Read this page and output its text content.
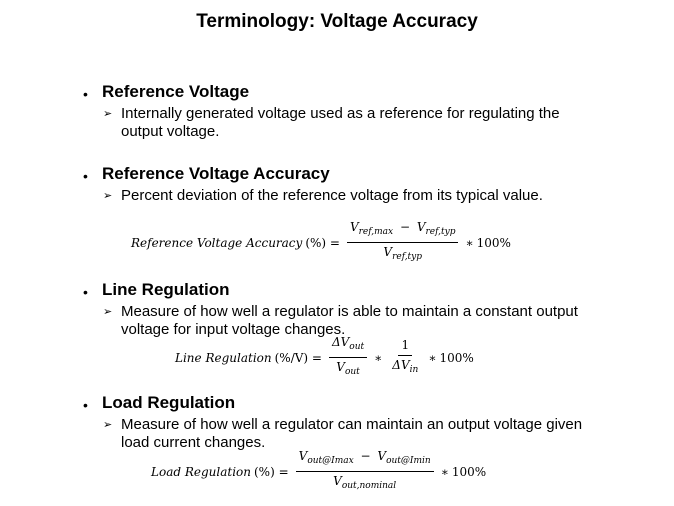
Terminology: Voltage Accuracy
• Reference Voltage
➢ Internally generated voltage used as a reference for regulating the output voltage.
• Reference Voltage Accuracy
➢ Percent deviation of the reference voltage from its typical value.
Reference Voltage Accuracy (%) = $\frac{V_{ref,max} - V_{ref,typ}}{V_{ref,typ}}$ ∗ 100%
• Line Regulation
➢ Measure of how well a regulator is able to maintain a constant output voltage for input voltage changes.
Line Regulation $(\%/V) = \frac{\Delta V_{out}}{V_{out}}$ ∗ $\frac{1}{\Delta V_{in}}$ ∗ 100%
• Load Regulation
➢ Measure of how well a regulator can maintain an output voltage given load current changes.
Load Regulation (%) = $\frac{V_{out@Imax} - V_{out@Imin}}{V_{out,nominal}}$ ∗ 100%
